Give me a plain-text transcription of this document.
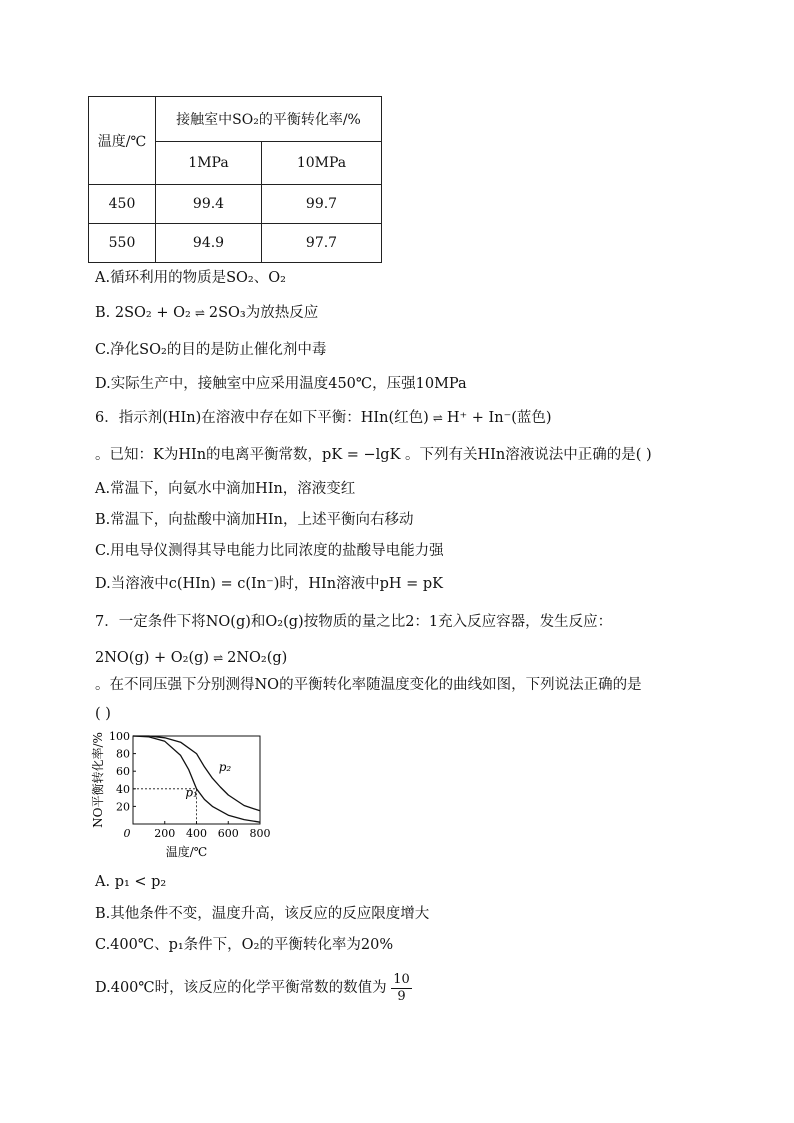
温度/℃	接触室中SO₂的平衡转化率/%	
	1MPa	10MPa
450	99.4	99.7
550	94.9	97.7
A.循环利用的物质是SO₂、O₂
B. 2SO₂ + O₂ ⇌ 2SO₃为放热反应
C.净化SO₂的目的是防止催化剂中毒
D.实际生产中，接触室中应采用温度450℃，压强10MPa
6．指示剂(HIn)在溶液中存在如下平衡：HIn(红色) ⇌ H⁺ + In⁻(蓝色)
。已知：K为HIn的电离平衡常数，pK = −lgK 。下列有关HIn溶液说法中正确的是( )
A.常温下，向氨水中滴加HIn，溶液变红
B.常温下，向盐酸中滴加HIn，上述平衡向右移动
C.用电导仪测得其导电能力比同浓度的盐酸导电能力强
D.当溶液中c(HIn) = c(In⁻)时，HIn溶液中pH = pK
7．一定条件下将NO(g)和O₂(g)按物质的量之比2：1充入反应容器，发生反应：
2NO(g) + O₂(g) ⇌ 2NO₂(g)
。在不同压强下分别测得NO的平衡转化率随温度变化的曲线如图，下列说法正确的是
( )
20
40
60
80
100
0 200 400 600 800
p₁
p₂
NO平衡转化率/%
温度/℃
A. p₁ < p₂
B.其他条件不变，温度升高，该反应的反应限度增大
C.400℃、p₁条件下，O₂的平衡转化率为20%
D.400℃时，该反应的化学平衡常数的数值为 $\frac{10}{9}$
